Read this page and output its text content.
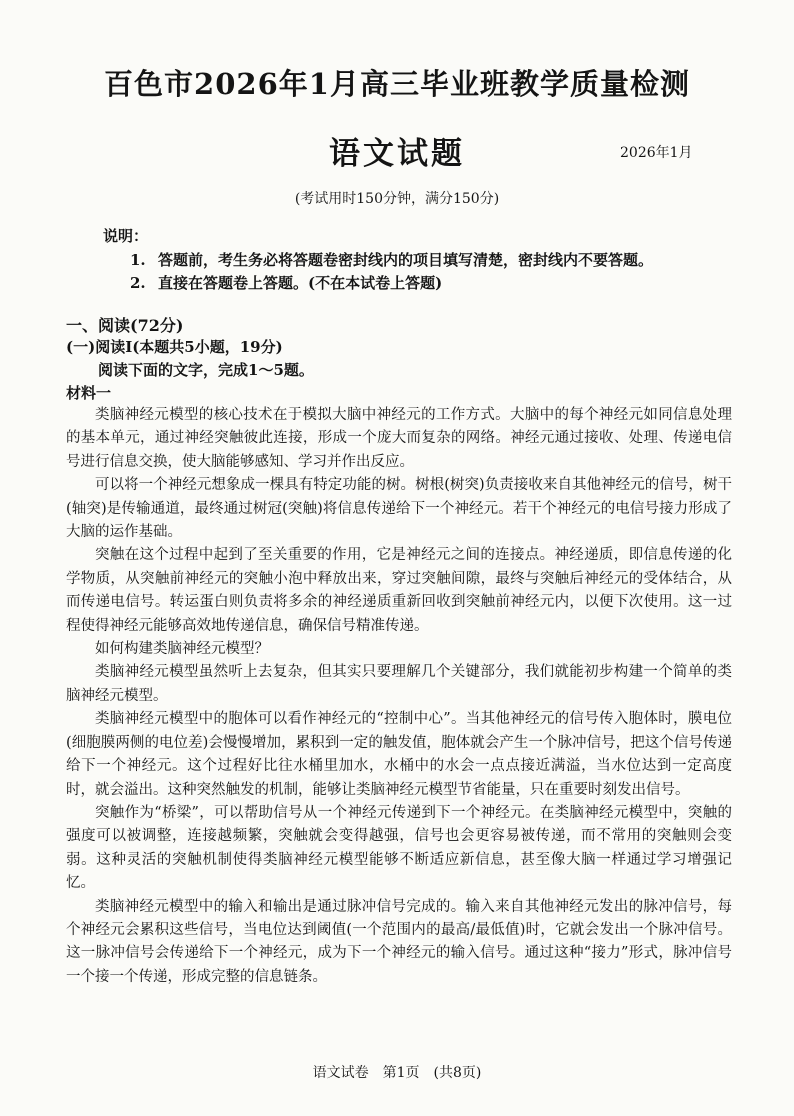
百色市2026年1月高三毕业班教学质量检测
语文试题	2026年1月
(考试用时150分钟，满分150分)
说明：
1. 答题前，考生务必将答题卷密封线内的项目填写清楚，密封线内不要答题。
2. 直接在答题卷上答题。(不在本试卷上答题)
一、阅读(72分)
(一)阅读Ⅰ(本题共5小题，19分)
阅读下面的文字，完成1～5题。
材料一

类脑神经元模型的核心技术在于模拟大脑中神经元的工作方式。大脑中的每个神经元如同信息处理的基本单元，通过神经突触彼此连接，形成一个庞大而复杂的网络。神经元通过接收、处理、传递电信号进行信息交换，使大脑能够感知、学习并作出反应。

可以将一个神经元想象成一棵具有特定功能的树。树根(树突)负责接收来自其他神经元的信号，树干(轴突)是传输通道，最终通过树冠(突触)将信息传递给下一个神经元。若干个神经元的电信号接力形成了大脑的运作基础。

突触在这个过程中起到了至关重要的作用，它是神经元之间的连接点。神经递质，即信息传递的化学物质，从突触前神经元的突触小泡中释放出来，穿过突触间隙，最终与突触后神经元的受体结合，从而传递电信号。转运蛋白则负责将多余的神经递质重新回收到突触前神经元内，以便下次使用。这一过程使得神经元能够高效地传递信息，确保信号精准传递。

如何构建类脑神经元模型？

类脑神经元模型虽然听上去复杂，但其实只要理解几个关键部分，我们就能初步构建一个简单的类脑神经元模型。

类脑神经元模型中的胞体可以看作神经元的“控制中心”。当其他神经元的信号传入胞体时，膜电位(细胞膜两侧的电位差)会慢慢增加，累积到一定的触发值，胞体就会产生一个脉冲信号，把这个信号传递给下一个神经元。这个过程好比往水桶里加水，水桶中的水会一点点接近满溢，当水位达到一定高度时，就会溢出。这种突然触发的机制，能够让类脑神经元模型节省能量，只在重要时刻发出信号。

突触作为“桥梁”，可以帮助信号从一个神经元传递到下一个神经元。在类脑神经元模型中，突触的强度可以被调整，连接越频繁，突触就会变得越强，信号也会更容易被传递，而不常用的突触则会变弱。这种灵活的突触机制使得类脑神经元模型能够不断适应新信息，甚至像大脑一样通过学习增强记忆。

类脑神经元模型中的输入和输出是通过脉冲信号完成的。输入来自其他神经元发出的脉冲信号，每个神经元会累积这些信号，当电位达到阈值(一个范围内的最高/最低值)时，它就会发出一个脉冲信号。这一脉冲信号会传递给下一个神经元，成为下一个神经元的输入信号。通过这种“接力”形式，脉冲信号一个接一个传递，形成完整的信息链条。

语文试卷　第1页　(共8页)
